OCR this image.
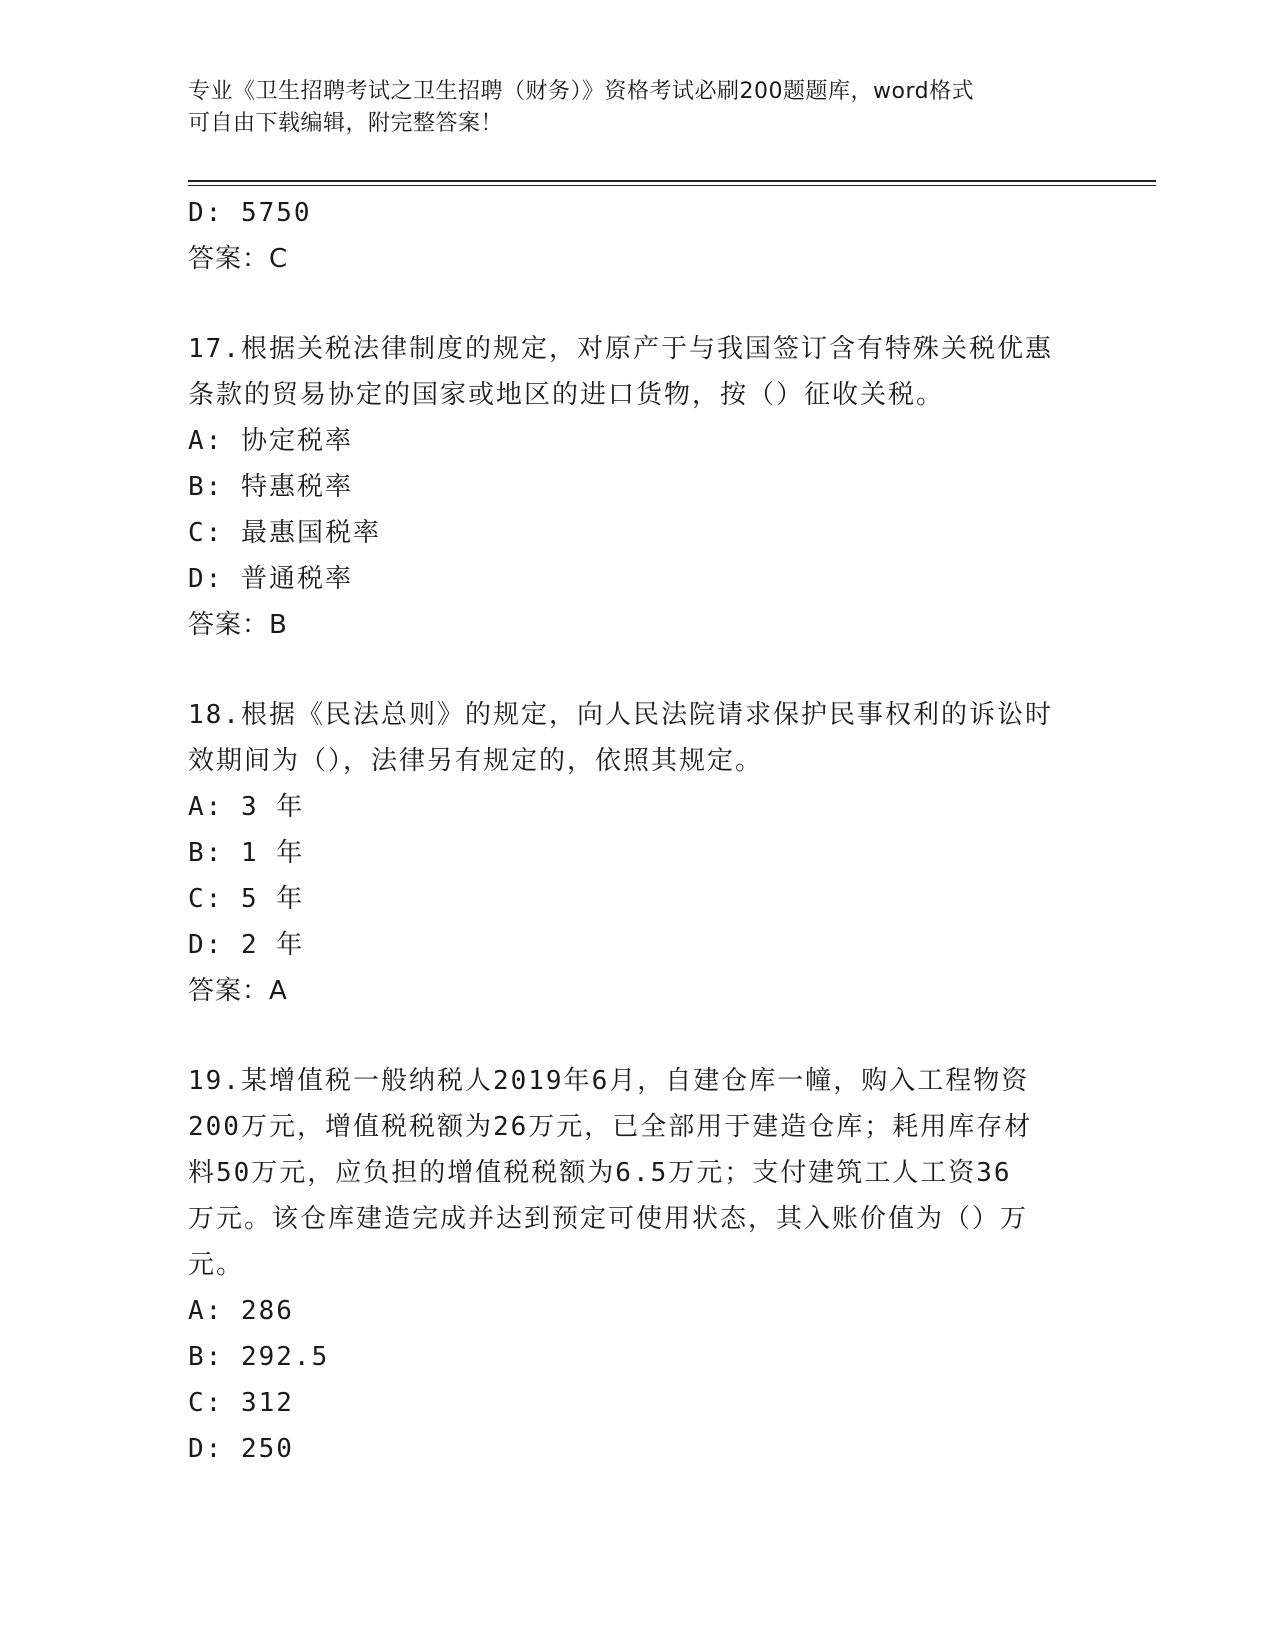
专业《卫生招聘考试之卫生招聘（财务）》资格考试必刷200题题库，word格式
可自由下载编辑，附完整答案！
D: 5750
答案：C
17.根据关税法律制度的规定，对原产于与我国签订含有特殊关税优惠
条款的贸易协定的国家或地区的进口货物，按（）征收关税。
A: 协定税率
B: 特惠税率
C: 最惠国税率
D: 普通税率
答案：B
18.根据《民法总则》的规定，向人民法院请求保护民事权利的诉讼时
效期间为（），法律另有规定的，依照其规定。
A: 3 年
B: 1 年
C: 5 年
D: 2 年
答案：A
19.某增值税一般纳税人2019年6月，自建仓库一幢，购入工程物资
200万元，增值税税额为26万元，已全部用于建造仓库；耗用库存材
料50万元，应负担的增值税税额为6.5万元；支付建筑工人工资36
万元。该仓库建造完成并达到预定可使用状态，其入账价值为（）万
元。
A: 286
B: 292.5
C: 312
D: 250
